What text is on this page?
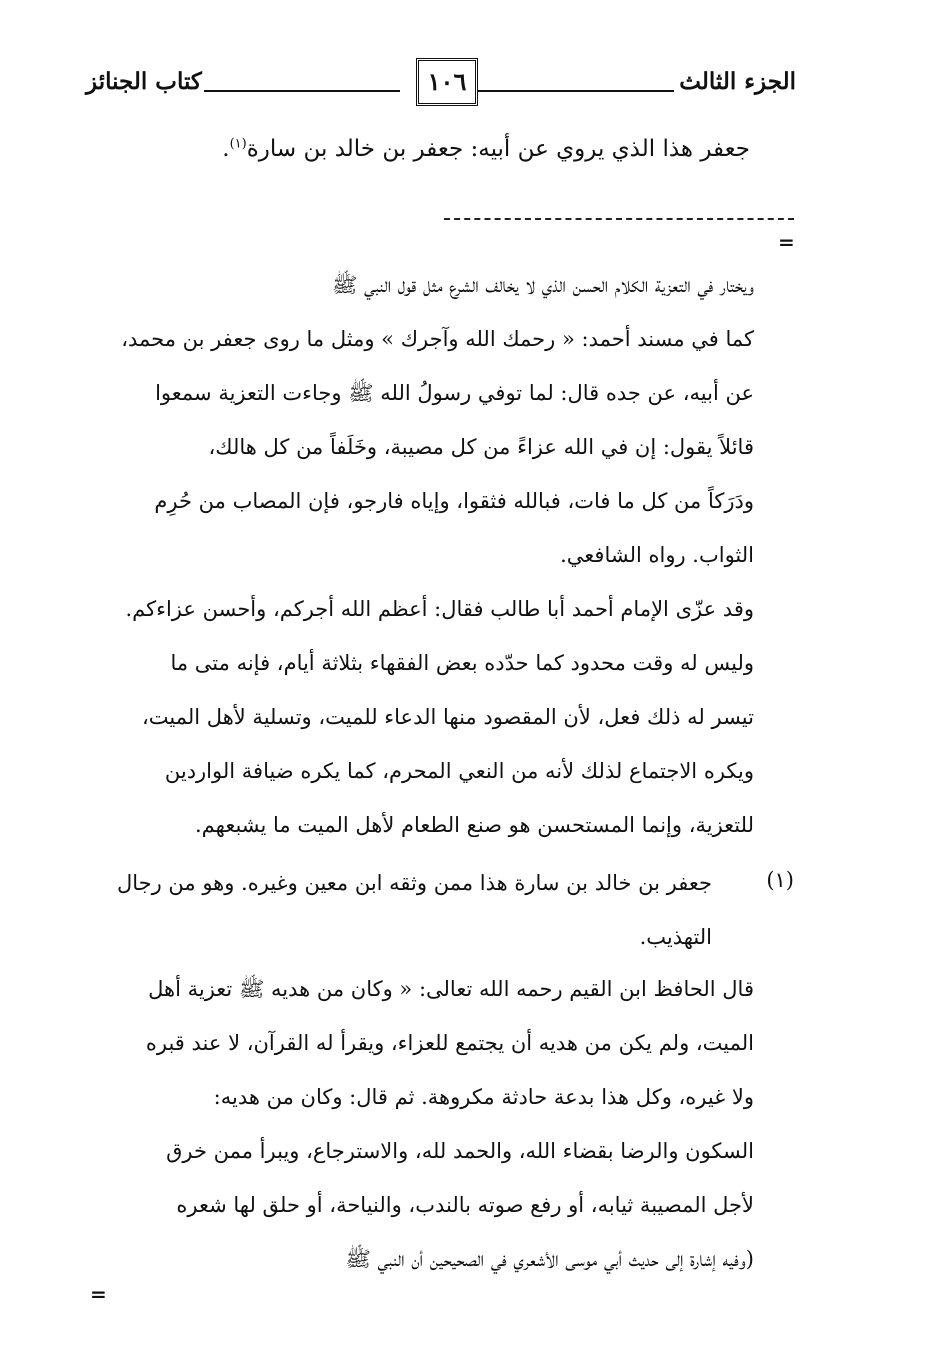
الجزء الثالث
١٠٦
كتاب الجنائز
جعفر هذا الذي يروي عن أبيه: جعفر بن خالد بن سارة$^{(١)}$.
=
ويختار في التعزية الكلام الحسن الذي لا يخالف الشرع مثل قول النبي ﷺ
كما في مسند أحمد: « رحمك الله وآجرك » ومثل ما روى جعفر بن محمد،
عن أبيه، عن جده قال: لما توفي رسولُ الله ﷺ وجاءت التعزية سمعوا
قائلاً يقول: إن في الله عزاءً من كل مصيبة، وخَلَفاً من كل هالك،
ودَرَكاً من كل ما فات، فبالله فثقوا، وإياه فارجو، فإن المصاب من حُرِم
الثواب. رواه الشافعي.
وقد عزّى الإمام أحمد أبا طالب فقال: أعظم الله أجركم، وأحسن عزاءكم.
وليس له وقت محدود كما حدّده بعض الفقهاء بثلاثة أيام، فإنه متى ما
تيسر له ذلك فعل، لأن المقصود منها الدعاء للميت، وتسلية لأهل الميت،
ويكره الاجتماع لذلك لأنه من النعي المحرم، كما يكره ضيافة الواردين
للتعزية، وإنما المستحسن هو صنع الطعام لأهل الميت ما يشبعهم.
(١)
جعفر بن خالد بن سارة هذا ممن وثقه ابن معين وغيره. وهو من رجال
التهذيب.
قال الحافظ ابن القيم رحمه الله تعالى: « وكان من هديه ﷺ تعزية أهل
الميت، ولم يكن من هديه أن يجتمع للعزاء، ويقرأ له القرآن، لا عند قبره
ولا غيره، وكل هذا بدعة حادثة مكروهة. ثم قال: وكان من هديه:
السكون والرضا بقضاء الله، والحمد لله، والاسترجاع، ويبرأ ممن خرق
لأجل المصيبة ثيابه، أو رفع صوته بالندب، والنياحة، أو حلق لها شعره
(وفيه إشارة إلى حديث أبي موسى الأشعري في الصحيحين أن النبي ﷺ
=
